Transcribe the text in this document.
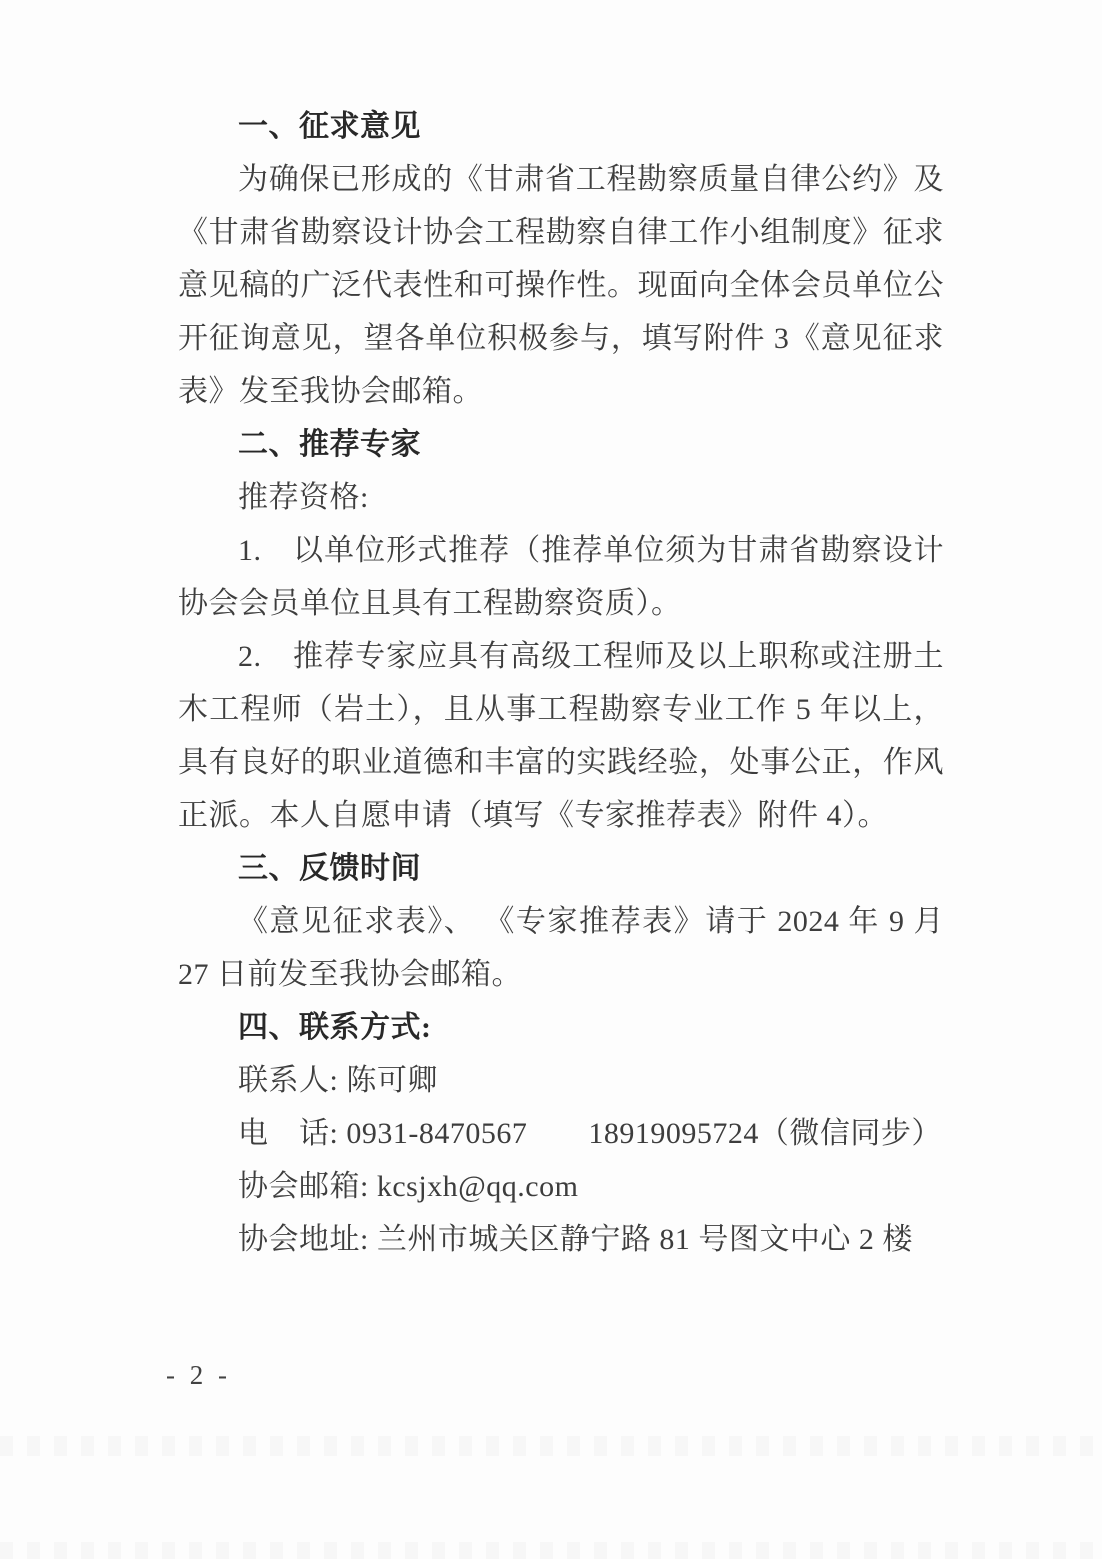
一、征求意见

为确保已形成的《甘肃省工程勘察质量自律公约》及《甘肃省勘察设计协会工程勘察自律工作小组制度》征求意见稿的广泛代表性和可操作性。现面向全体会员单位公开征询意见，望各单位积极参与，填写附件 3《意见征求表》发至我协会邮箱。

二、推荐专家

推荐资格:

1.　以单位形式推荐（推荐单位须为甘肃省勘察设计协会会员单位且具有工程勘察资质）。

2.　推荐专家应具有高级工程师及以上职称或注册土木工程师（岩土），且从事工程勘察专业工作 5 年以上，具有良好的职业道德和丰富的实践经验，处事公正，作风正派。本人自愿申请（填写《专家推荐表》附件 4）。

三、反馈时间

《意见征求表》、 《专家推荐表》请于 2024 年 9 月 27 日前发至我协会邮箱。

四、联系方式:

联系人: 陈可卿

电　话: 0931-8470567　　18919095724（微信同步）

协会邮箱: kcsjxh@qq.com

协会地址: 兰州市城关区静宁路 81 号图文中心 2 楼

- 2 -
